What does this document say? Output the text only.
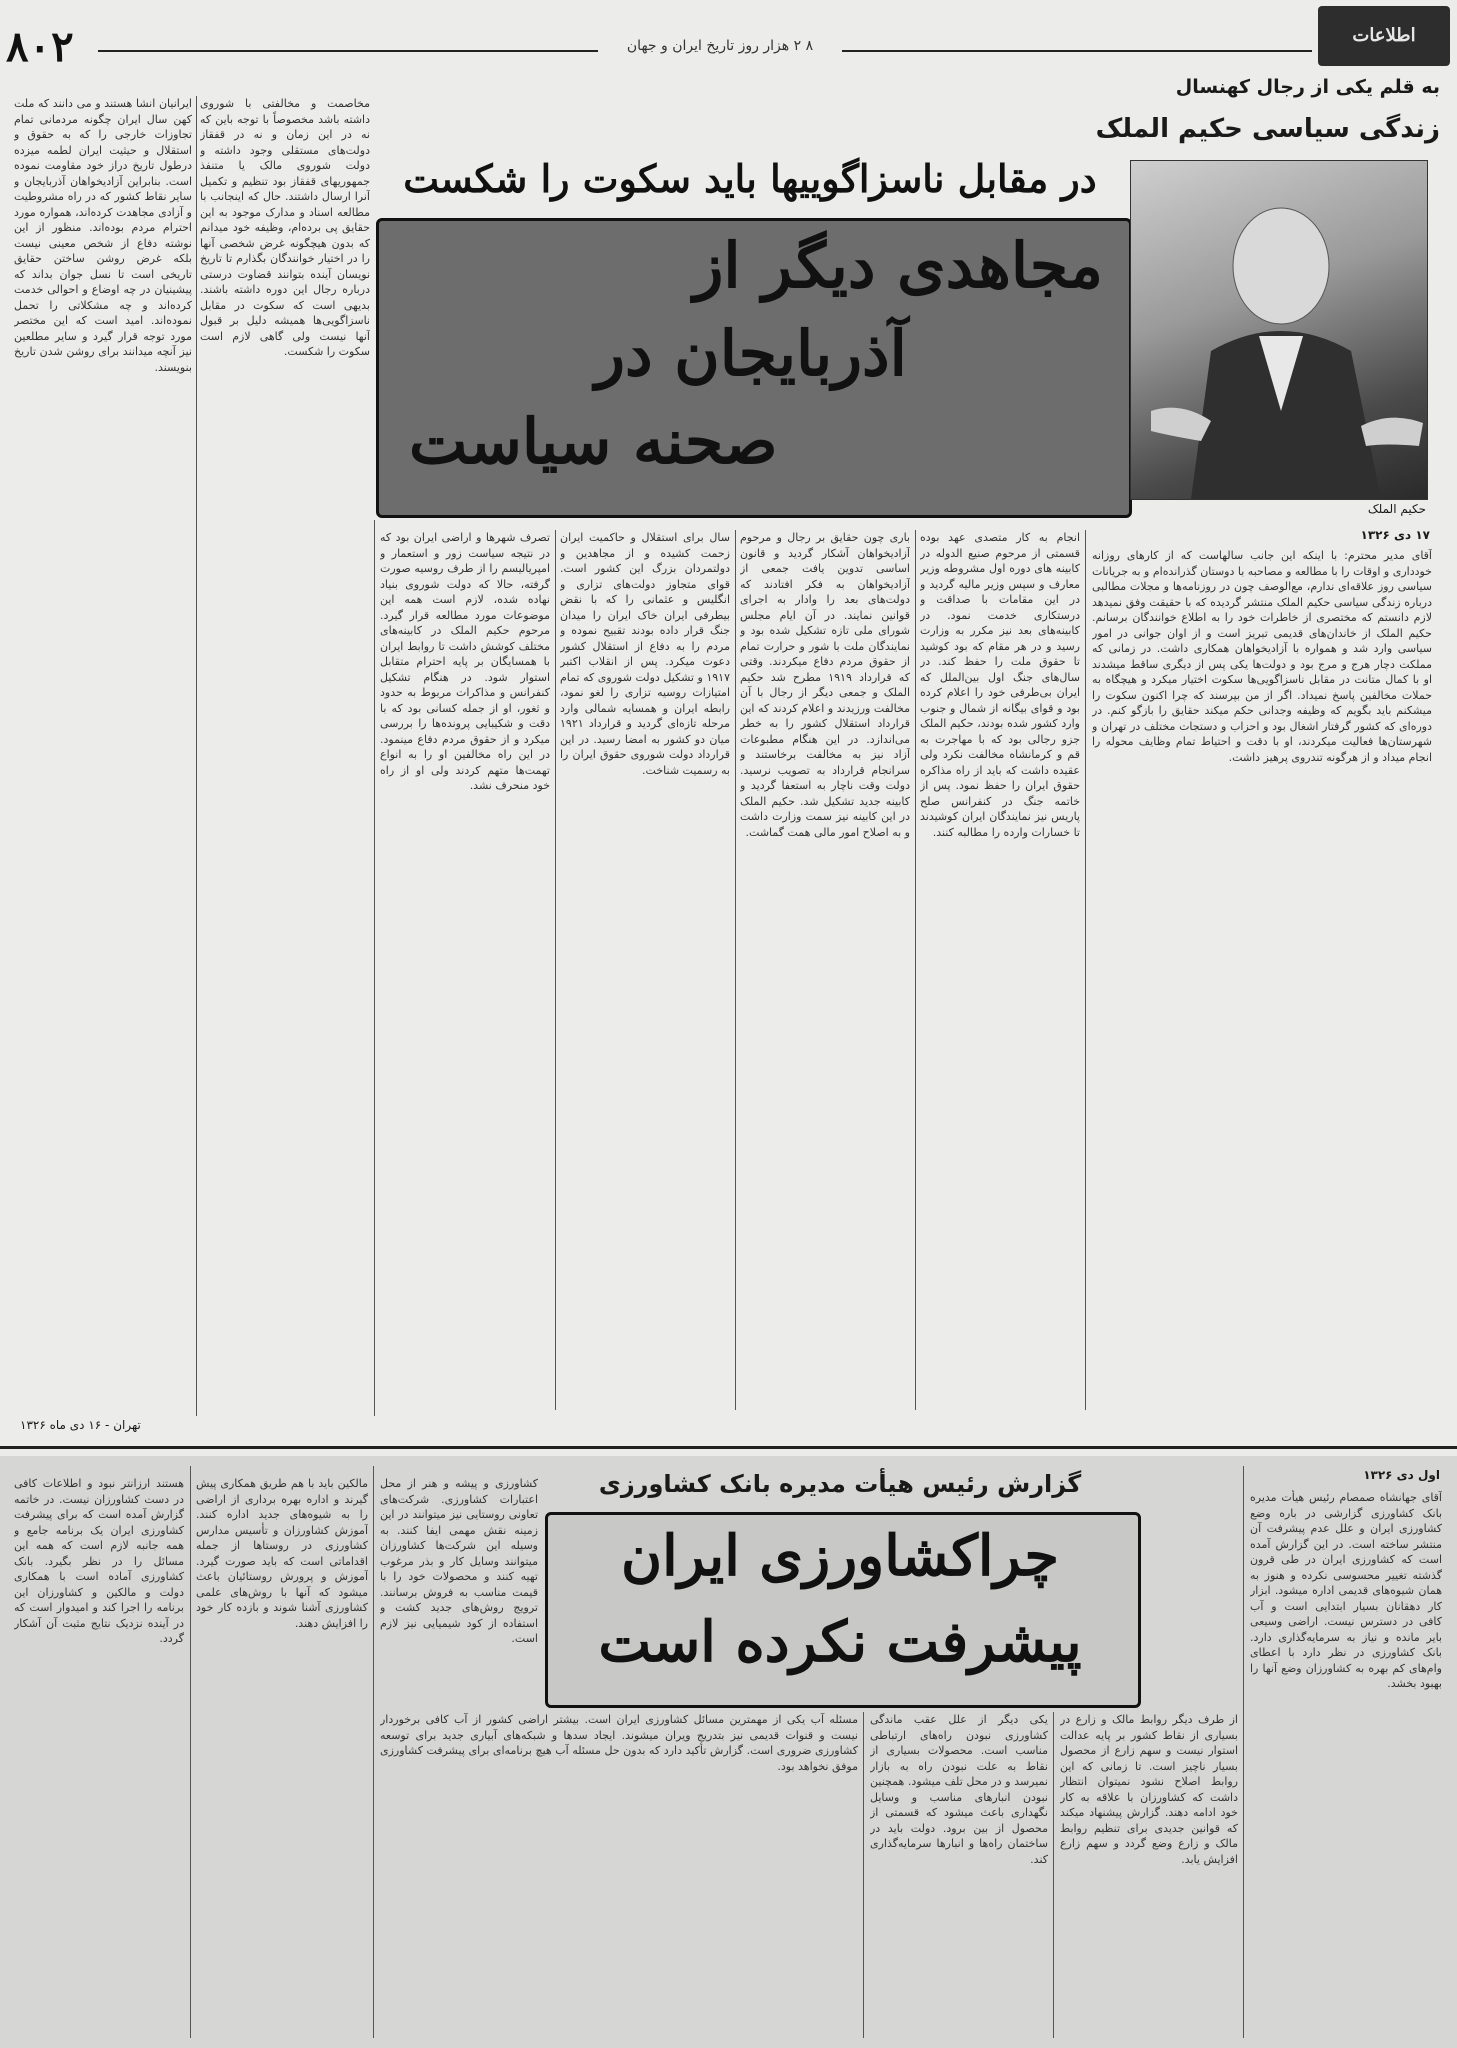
۸۰۲	۸ ۲ هزار روز تاریخ ایران و جهان	اطلاعات
به قلم یکی از رجال کهنسال
زندگی سیاسی حکیم الملک
در مقابل ناسزاگوییها باید سکوت را شکست
مجاهدی دیگر از
آذربایجان در
صحنه سیاست
حکیم الملک
ایرانیان انشا هستند و می دانند که ملت کهن سال ایران چگونه مردمانی تمام تجاوزات خارجی را که به حقوق و استقلال و حیثیت ایران لطمه میزده درطول تاریخ دراز خود مقاومت نموده است. بنابراین آزادیخواهان آذربایجان و سایر نقاط کشور که در راه مشروطیت و آزادی مجاهدت کرده‌اند، همواره مورد احترام مردم بوده‌اند. منظور از این نوشته دفاع از شخص معینی نیست بلکه غرض روشن ساختن حقایق تاریخی است تا نسل جوان بداند که پیشینیان در چه اوضاع و احوالی خدمت کرده‌اند و چه مشکلاتی را تحمل نموده‌اند. امید است که این مختصر مورد توجه قرار گیرد و سایر مطلعین نیز آنچه میدانند برای روشن شدن تاریخ بنویسند.
مخاصمت و مخالفتی با شوروی داشته باشد مخصوصاً با توجه باین که نه در این زمان و نه در قفقاز دولت‌های مستقلی وجود داشته و دولت شوروی مالک یا متنفذ جمهوریهای قفقاز بود تنظیم و تکمیل آنرا ارسال داشتند. حال که اینجانب با مطالعه اسناد و مدارک موجود به این حقایق پی برده‌ام، وظیفه خود میدانم که بدون هیچگونه غرض شخصی آنها را در اختیار خوانندگان بگذارم تا تاریخ نویسان آینده بتوانند قضاوت درستی درباره رجال این دوره داشته باشند. بدیهی است که سکوت در مقابل ناسزاگویی‌ها همیشه دلیل بر قبول آنها نیست ولی گاهی لازم است سکوت را شکست.
تصرف شهرها و اراضی ایران بود که در نتیجه سیاست زور و استعمار و امپریالیسم را از طرف روسیه صورت گرفته، حالا که دولت شوروی بنیاد نهاده شده، لازم است همه این موضوعات مورد مطالعه قرار گیرد. مرحوم حکیم الملک در کابینه‌های مختلف کوشش داشت تا روابط ایران با همسایگان بر پایه احترام متقابل استوار شود. در هنگام تشکیل کنفرانس و مذاکرات مربوط به حدود و ثغور، او از جمله کسانی بود که با دقت و شکیبایی پرونده‌ها را بررسی میکرد و از حقوق مردم دفاع مینمود. در این راه مخالفین او را به انواع تهمت‌ها متهم کردند ولی او از راه خود منحرف نشد.
سال برای استقلال و حاکمیت ایران زحمت کشیده و از مجاهدین و دولتمردان بزرگ این کشور است. قوای متجاوز دولت‌های تزاری و انگلیس و عثمانی را که با نقض بیطرفی ایران خاک ایران را میدان جنگ قرار داده بودند تقبیح نموده و مردم را به دفاع از استقلال کشور دعوت میکرد. پس از انقلاب اکتبر ۱۹۱۷ و تشکیل دولت شوروی که تمام امتیازات روسیه تزاری را لغو نمود، رابطه ایران و همسایه شمالی وارد مرحله تازه‌ای گردید و قرارداد ۱۹۲۱ میان دو کشور به امضا رسید. در این قرارداد دولت شوروی حقوق ایران را به رسمیت شناخت.
باری چون حقایق بر رجال و مرحوم آزادیخواهان آشکار گردید و قانون اساسی تدوین یافت جمعی از آزادیخواهان به فکر افتادند که دولت‌های بعد را وادار به اجرای قوانین نمایند. در آن ایام مجلس شورای ملی تازه تشکیل شده بود و نمایندگان ملت با شور و حرارت تمام از حقوق مردم دفاع میکردند. وقتی که قرارداد ۱۹۱۹ مطرح شد حکیم الملک و جمعی دیگر از رجال با آن مخالفت ورزیدند و اعلام کردند که این قرارداد استقلال کشور را به خطر می‌اندازد. در این هنگام مطبوعات آزاد نیز به مخالفت برخاستند و سرانجام قرارداد به تصویب نرسید. دولت وقت ناچار به استعفا گردید و کابینه جدید تشکیل شد. حکیم الملک در این کابینه نیز سمت وزارت داشت و به اصلاح امور مالی همت گماشت.
انجام به کار متصدی عهد بوده قسمتی از مرحوم صنیع الدوله در کابینه های دوره اول مشروطه وزیر معارف و سپس وزیر مالیه گردید و در این مقامات با صداقت و درستکاری خدمت نمود. در کابینه‌های بعد نیز مکرر به وزارت رسید و در هر مقام که بود کوشید تا حقوق ملت را حفظ کند. در سال‌های جنگ اول بین‌الملل که ایران بی‌طرفی خود را اعلام کرده بود و قوای بیگانه از شمال و جنوب وارد کشور شده بودند، حکیم الملک جزو رجالی بود که با مهاجرت به قم و کرمانشاه مخالفت نکرد ولی عقیده داشت که باید از راه مذاکره حقوق ایران را حفظ نمود. پس از خاتمه جنگ در کنفرانس صلح پاریس نیز نمایندگان ایران کوشیدند تا خسارات وارده را مطالبه کنند.
۱۷ دی ۱۳۲۶
آقای مدیر محترم: با اینکه این جانب سالهاست که از کارهای روزانه خودداری و اوقات را با مطالعه و مصاحبه با دوستان گذرانده‌ام و به جریانات سیاسی روز علاقه‌ای ندارم، مع‌الوصف چون در روزنامه‌ها و مجلات مطالبی درباره زندگی سیاسی حکیم الملک منتشر گردیده که با حقیقت وفق نمیدهد لازم دانستم که مختصری از خاطرات خود را به اطلاع خوانندگان برسانم. حکیم الملک از خاندان‌های قدیمی تبریز است و از اوان جوانی در امور سیاسی وارد شد و همواره با آزادیخواهان همکاری داشت. در زمانی که مملکت دچار هرج و مرج بود و دولت‌ها یکی پس از دیگری ساقط میشدند او با کمال متانت در مقابل ناسزاگویی‌ها سکوت اختیار میکرد و هیچگاه به حملات مخالفین پاسخ نمیداد. اگر از من بپرسند که چرا اکنون سکوت را میشکنم باید بگویم که وظیفه وجدانی حکم میکند حقایق را بازگو کنم. در دوره‌ای که کشور گرفتار اشغال بود و احزاب و دستجات مختلف در تهران و شهرستان‌ها فعالیت میکردند، او با دقت و احتیاط تمام وظایف محوله را انجام میداد و از هرگونه تندروی پرهیز داشت.
تهران - ۱۶ دی ماه ۱۳۲۶
گزارش رئیس هیأت مدیره بانک کشاورزی
چراکشاورزی ایران
پیشرفت نکرده است
اول دی ۱۳۲۶
آقای جهانشاه صمصام رئیس هیأت مدیره بانک کشاورزی گزارشی در باره وضع کشاورزی ایران و علل عدم پیشرفت آن منتشر ساخته است. در این گزارش آمده است که کشاورزی ایران در طی قرون گذشته تغییر محسوسی نکرده و هنوز به همان شیوه‌های قدیمی اداره میشود. ابزار کار دهقانان بسیار ابتدایی است و آب کافی در دسترس نیست. اراضی وسیعی بایر مانده و نیاز به سرمایه‌گذاری دارد. بانک کشاورزی در نظر دارد با اعطای وام‌های کم بهره به کشاورزان وضع آنها را بهبود بخشد.
از طرف دیگر روابط مالک و زارع در بسیاری از نقاط کشور بر پایه عدالت استوار نیست و سهم زارع از محصول بسیار ناچیز است. تا زمانی که این روابط اصلاح نشود نمیتوان انتظار داشت که کشاورزان با علاقه به کار خود ادامه دهند. گزارش پیشنهاد میکند که قوانین جدیدی برای تنظیم روابط مالک و زارع وضع گردد و سهم زارع افزایش یابد.
یکی دیگر از علل عقب ماندگی کشاورزی نبودن راه‌های ارتباطی مناسب است. محصولات بسیاری از نقاط به علت نبودن راه به بازار نمیرسد و در محل تلف میشود. همچنین نبودن انبارهای مناسب و وسایل نگهداری باعث میشود که قسمتی از محصول از بین برود. دولت باید در ساختمان راه‌ها و انبارها سرمایه‌گذاری کند.
مسئله آب یکی از مهمترین مسائل کشاورزی ایران است. بیشتر اراضی کشور از آب کافی برخوردار نیست و قنوات قدیمی نیز بتدریج ویران میشوند. ایجاد سدها و شبکه‌های آبیاری جدید برای توسعه کشاورزی ضروری است. گزارش تأکید دارد که بدون حل مسئله آب هیچ برنامه‌ای برای پیشرفت کشاورزی موفق نخواهد بود.
کشاورزی و پیشه و هنر از محل اعتبارات کشاورزی. شرکت‌های تعاونی روستایی نیز میتوانند در این زمینه نقش مهمی ایفا کنند. به وسیله این شرکت‌ها کشاورزان میتوانند وسایل کار و بذر مرغوب تهیه کنند و محصولات خود را با قیمت مناسب به فروش برسانند. ترویج روش‌های جدید کشت و استفاده از کود شیمیایی نیز لازم است.
مالکین باید با هم طریق همکاری پیش گیرند و اداره بهره برداری از اراضی را به شیوه‌های جدید اداره کنند. آموزش کشاورزان و تأسیس مدارس کشاورزی در روستاها از جمله اقداماتی است که باید صورت گیرد. آموزش و پرورش روستائیان باعث میشود که آنها با روش‌های علمی کشاورزی آشنا شوند و بازده کار خود را افزایش دهند.
هستند ارزانتر نبود و اطلاعات کافی در دست کشاورزان نیست. در خاتمه گزارش آمده است که برای پیشرفت کشاورزی ایران یک برنامه جامع و همه جانبه لازم است که همه این مسائل را در نظر بگیرد. بانک کشاورزی آماده است با همکاری دولت و مالکین و کشاورزان این برنامه را اجرا کند و امیدوار است که در آینده نزدیک نتایج مثبت آن آشکار گردد.
